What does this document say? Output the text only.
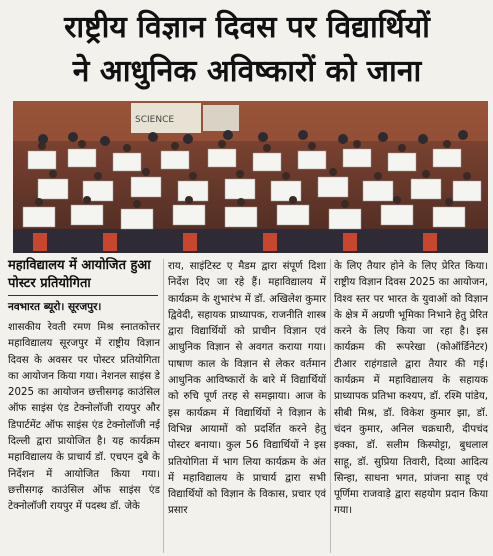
राष्ट्रीय विज्ञान दिवस पर विद्यार्थियों
ने आधुनिक अविष्कारों को जाना
SCIENCE
महाविद्यालय में आयोजित हुआ पोस्टर प्रतियोगिता
नवभारत ब्यूरो। सूरजपुर।
शासकीय रेवती रमण मिश्र स्नातकोत्तर महाविद्यालय सूरजपुर में राष्ट्रीय विज्ञान दिवस के अवसर पर पोस्टर प्रतियोगिता का आयोजन किया गया। नेशनल साइंस डे 2025 का आयोजन छत्तीसगढ़ काउंसिल ऑफ साइंस एंड टेक्नोलॉजी रायपुर और डिपार्टमेंट ऑफ साइंस एंड टेक्नोलॉजी नई दिल्ली द्वारा प्रायोजित है। यह कार्यक्रम महाविद्यालय के प्राचार्य डॉ. एचएन दुबे के निर्देशन में आयोजित किया गया। छत्तीसगढ़ काउंसिल ऑफ साइंस एंड टेक्नोलॉजी रायपुर में पदस्थ डॉ. जेके
राय, साइंटिस्ट ए मैडम द्वारा संपूर्ण दिशा निर्देश दिए जा रहे हैं। महाविद्यालय में कार्यक्रम के शुभारंभ में डॉ. अखिलेश कुमार द्विवेदी, सहायक प्राध्यापक, राजनीति शास्त्र द्वारा विद्यार्थियों को प्राचीन विज्ञान एवं आधुनिक विज्ञान से अवगत कराया गया। पाषाण काल के विज्ञान से लेकर वर्तमान आधुनिक आविष्कारों के बारे में विद्यार्थियों को रुचि पूर्ण तरह से समझाया। आज के इस कार्यक्रम में विद्यार्थियों ने विज्ञान के विभिन्न आयामों को प्रदर्शित करने हेतु पोस्टर बनाया। कुल 56 विद्यार्थियों ने इस प्रतियोगिता में भाग लिया कार्यक्रम के अंत में महाविद्यालय के प्राचार्य द्वारा सभी विद्यार्थियों को विज्ञान के विकास, प्रचार एवं प्रसार
के लिए तैयार होने के लिए प्रेरित किया। राष्ट्रीय विज्ञान दिवस 2025 का आयोजन, विश्व स्तर पर भारत के युवाओं को विज्ञान के क्षेत्र में अग्रणी भूमिका निभाने हेतु प्रेरित करने के लिए किया जा रहा है। इस कार्यक्रम की रूपरेखा (कोऑर्डिनेटर) टीआर राहंगडाले द्वारा तैयार की गई। कार्यक्रम में महाविद्यालय के सहायक प्राध्यापक प्रतिभा कश्यप, डॉ. रश्मि पांडेय, सीबी मिश्र, डॉ. विकेश कुमार झा, डॉ. चंदन कुमार, अनिल चक्रधारी, दीपचंद इक्का, डॉ. सलीम किस्पोट्टा, बुधलाल साहू, डॉ. सुप्रिया तिवारी, दिव्या आदित्य सिन्हा, साधना भगत, प्रांजना साहू एवं पूर्णिमा राजवाड़े द्वारा सहयोग प्रदान किया गया।
